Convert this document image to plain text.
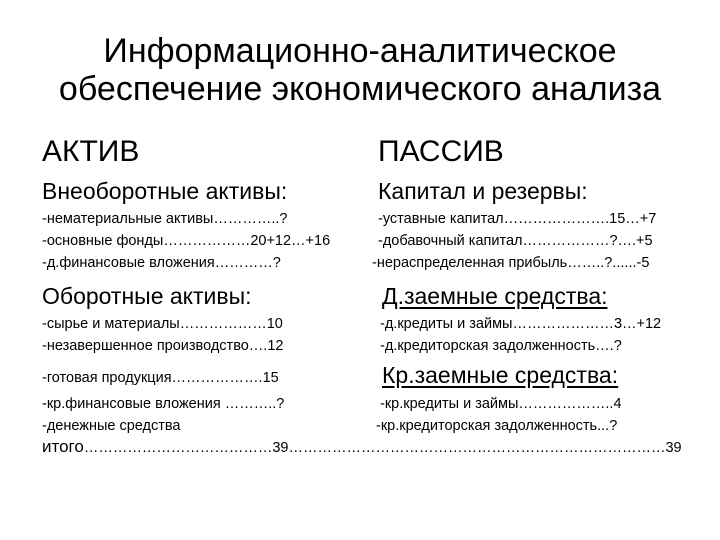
Информационно-аналитическое
обеспечение экономического анализа
АКТИВ
Внеоборотные активы:
-нематериальные активы…………..?
-основные фонды………………20+12…+16
-д.финансовые вложения…………?
Оборотные активы:
-сырье и материалы………………10
-незавершенное производство….12
-готовая продукция……………….15
-кр.финансовые вложения ………..?
-денежные средства
ПАССИВ
Капитал и резервы:
-уставные капитал………………….15…+7
-добавочный капитал………………?….+5
-нераспределенная прибыль……..?......-5
Д.заемные средства:
-д.кредиты и займы…………………3…+12
-д.кредиторская задолженность….?
Кр.заемные средства:
-кр.кредиты и займы………………..4
-кр.кредиторская задолженность...?
итого…………………………………39……………………………………………………………………39
